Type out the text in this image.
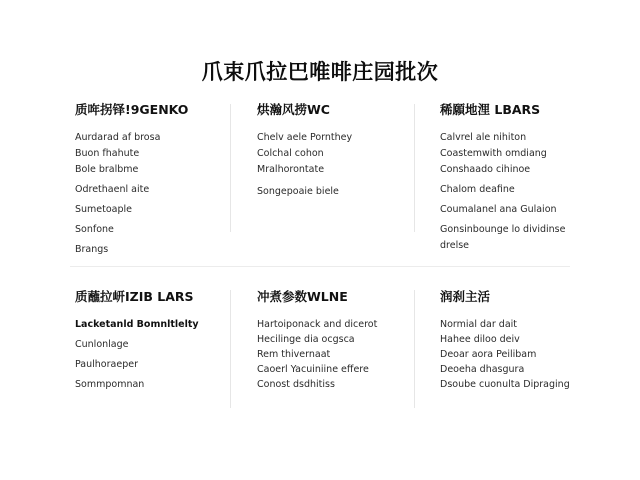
爪束爪拉巴唯啡庄园批次
质哖拐铎!9GENKO
Aurdarad af brosa
Buon fhahute
Bole bralbme
Odrethaenl aite
Sumetoaple
Sonfone
Brangs
烘瀚风捞WC
Chelv aele Pornthey
Colchal cohon
Mralhorontate
Songepoaie biele
稀願地浬 LBARS
Calvrel ale nihiton
Coastemwith omdiang
Conshaado cihinoe
Chalom deafine
Coumalanel ana Gulaion
Gonsinbounge lo dividinse
drelse
质蘸拉岍IZIB LARS
Lacketanld Bomnltlelty
Cunlonlage
Paulhoraeper
Sommpomnan
冲煮参数WLNE
Hartoiponack and dicerot
Hecilinge dia ocgsca
Rem thivernaat
Caoerl Yacuiniine effere
Conost dsdhitiss
润刹主活
Normial dar dait
Hahee diloo deiv
Deoar aora Peilibam
Deoeha dhasgura
Dsoube cuonulta Dipraging
